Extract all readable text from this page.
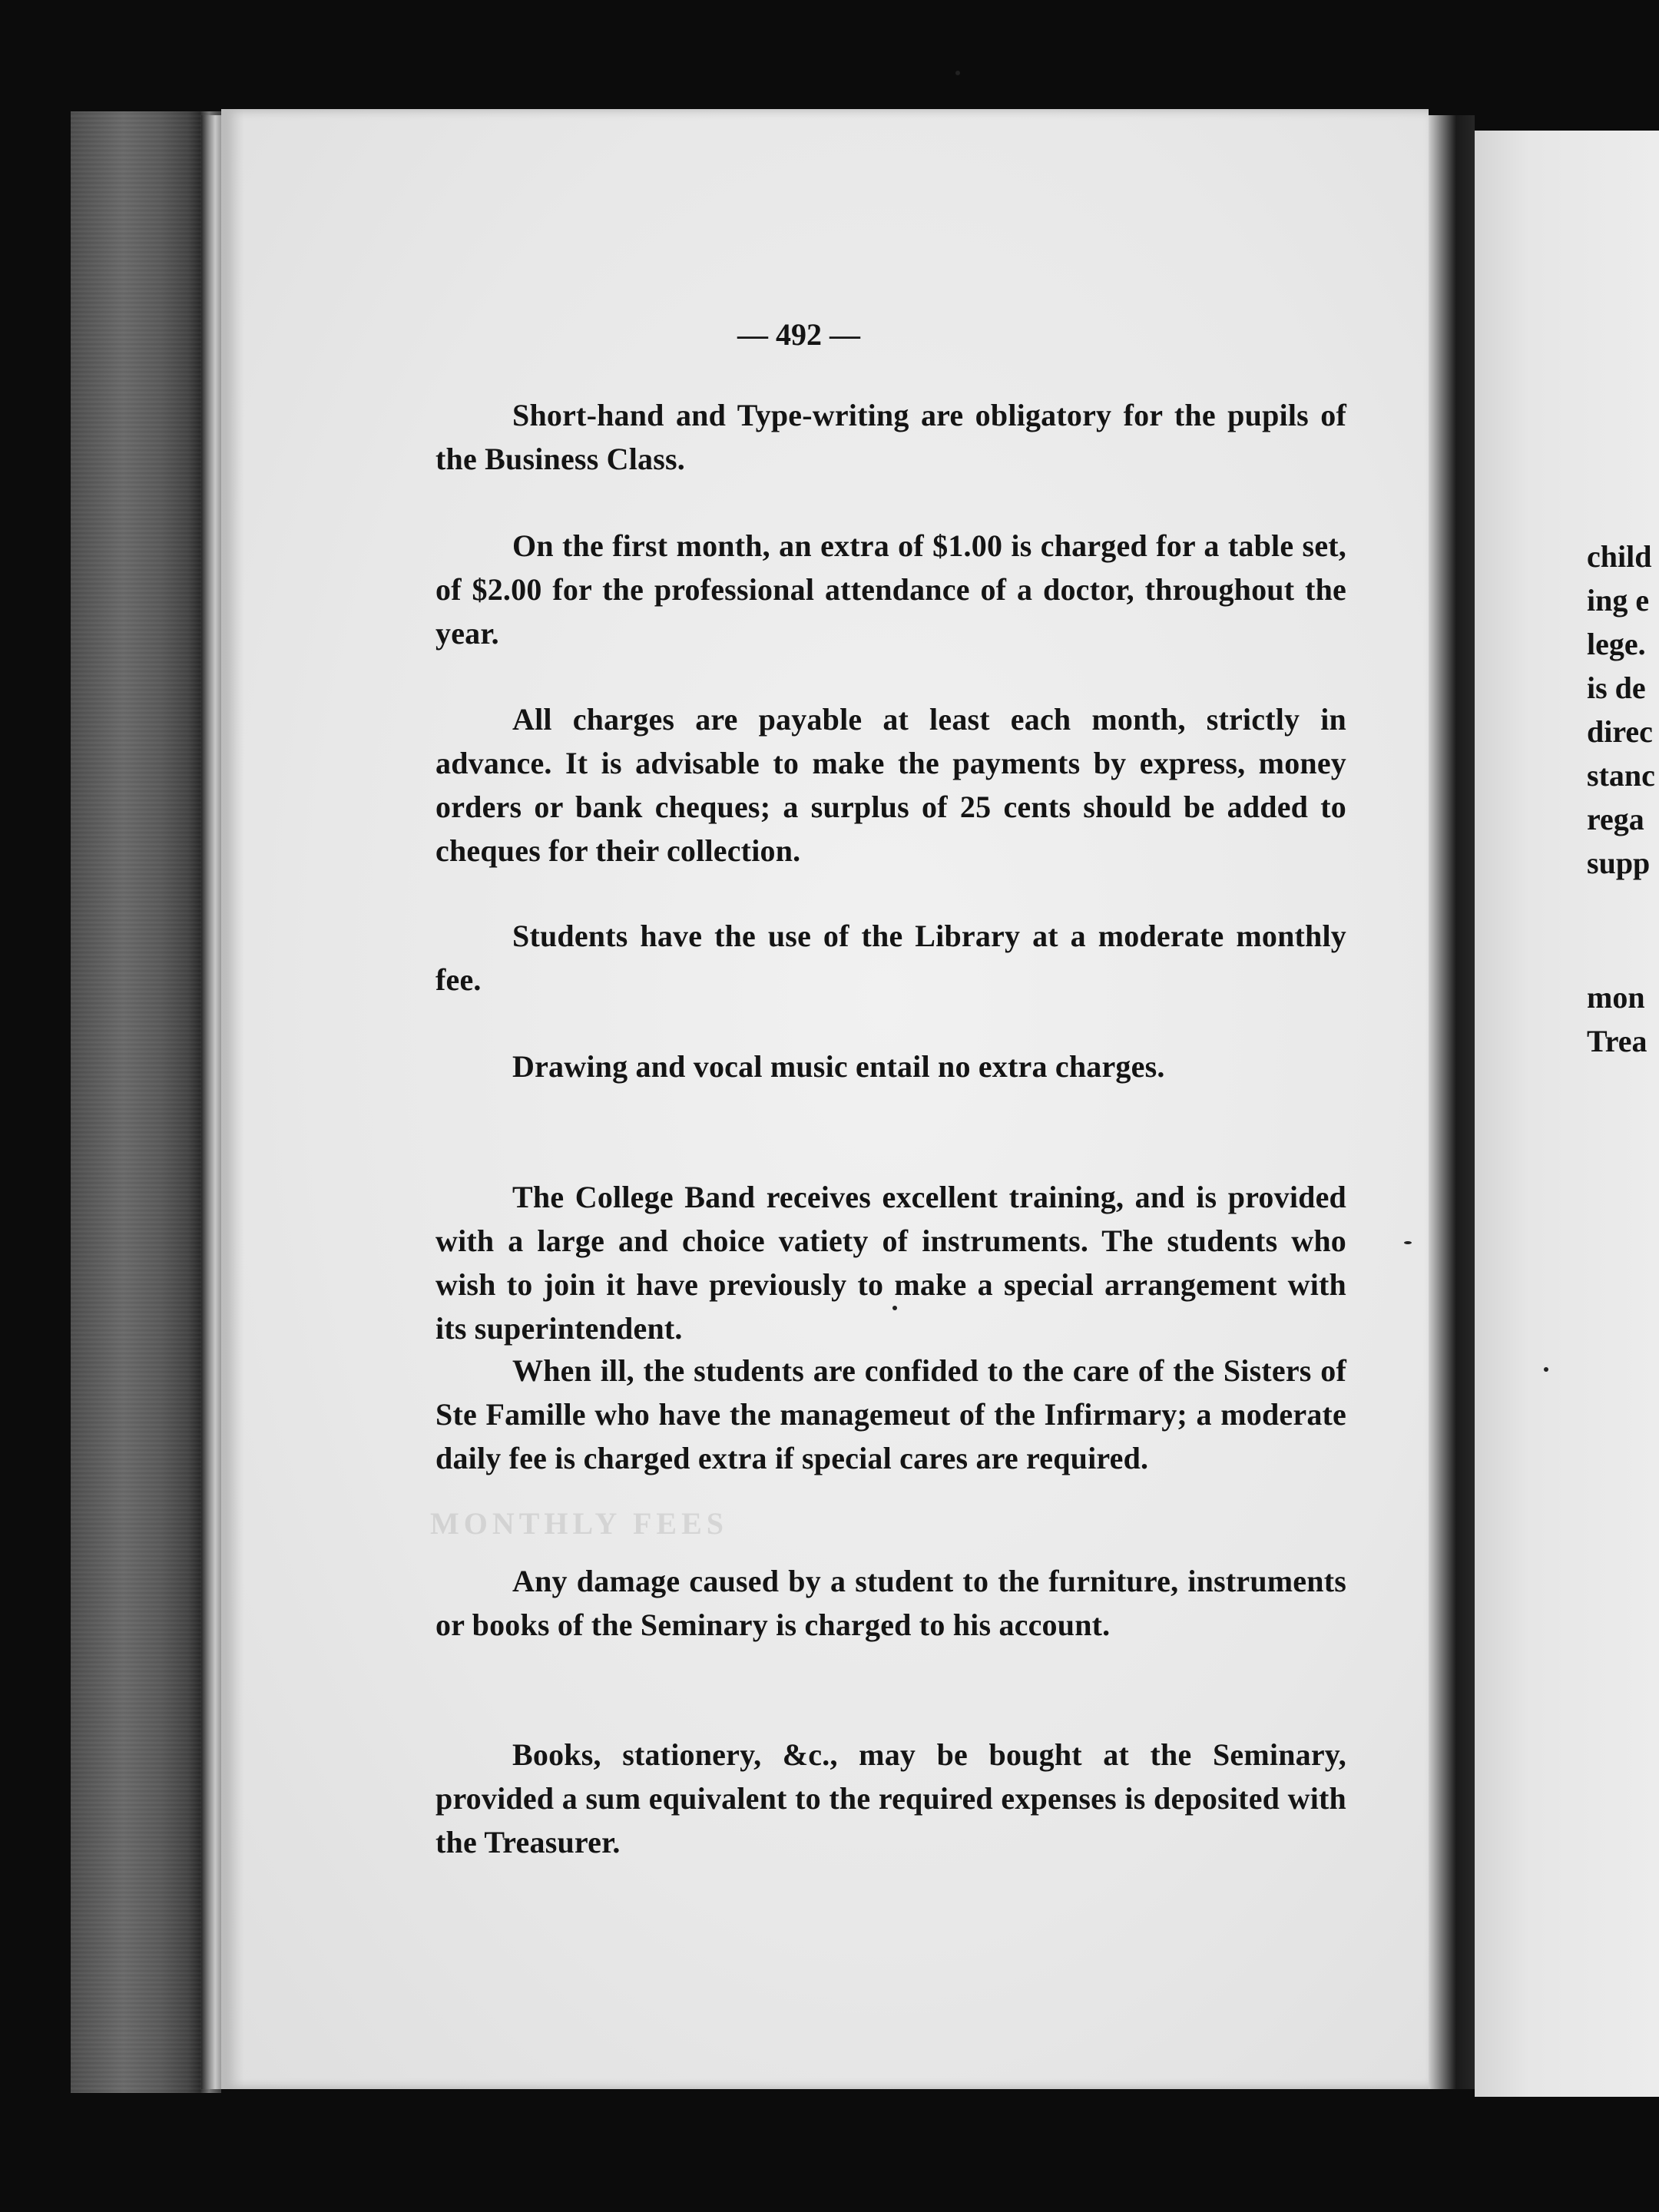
MONTHLY FEES
— 492 —
Short-hand and Type-writing are obligatory for the pupils of the Business Class.
On the first month, an extra of $1.00 is charged for a table set, of $2.00 for the professional attendance of a doctor, throughout the year.
All charges are payable at least each month, strictly in advance. It is advisable to make the payments by express, money orders or bank cheques; a surplus of 25 cents should be added to cheques for their collection.
Students have the use of the Library at a moderate monthly fee.
Drawing and vocal music entail no extra charges.
The College Band receives excellent training, and is provided with a large and choice vatiety of instruments. The students who wish to join it have previously to make a special arrangement with its superintendent.
When ill, the students are confided to the care of the Sisters of Ste Famille who have the managemeut of the Infirmary; a moderate daily fee is charged extra if special cares are required.
Any damage caused by a student to the furniture, instruments or books of the Seminary is charged to his account.
Books, stationery, &c., may be bought at the Seminary, provided a sum equivalent to the required expenses is deposited with the Treasurer.
child
ing e
lege.
is de
direc
stanc
rega
supp
mon
Trea
